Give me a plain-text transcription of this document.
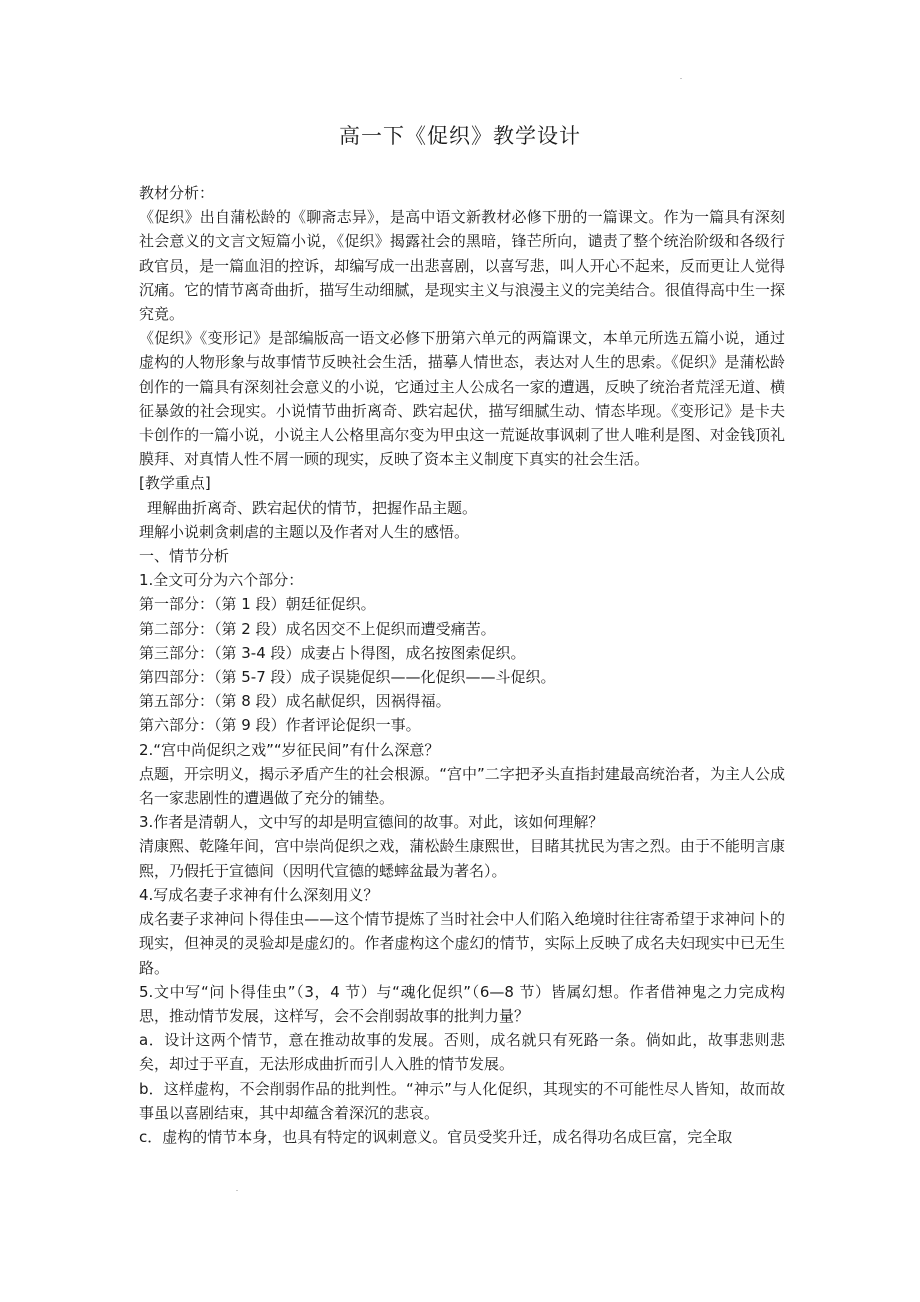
高一下《促织》教学设计

教材分析：

《促织》出自蒲松龄的《聊斋志异》，是高中语文新教材必修下册的一篇课文。作为一篇具有深刻社会意义的文言文短篇小说，《促织》揭露社会的黑暗，锋芒所向，谴责了整个统治阶级和各级行政官员，是一篇血泪的控诉，却编写成一出悲喜剧，以喜写悲，叫人开心不起来，反而更让人觉得沉痛。它的情节离奇曲折，描写生动细腻，是现实主义与浪漫主义的完美结合。很值得高中生一探究竟。

《促织》《变形记》是部编版高一语文必修下册第六单元的两篇课文，本单元所选五篇小说，通过虚构的人物形象与故事情节反映社会生活，描摹人情世态，表达对人生的思索。《促织》是蒲松龄创作的一篇具有深刻社会意义的小说，它通过主人公成名一家的遭遇，反映了统治者荒淫无道、横征暴敛的社会现实。小说情节曲折离奇、跌宕起伏，描写细腻生动、情态毕现。《变形记》是卡夫卡创作的一篇小说，小说主人公格里高尔变为甲虫这一荒诞故事讽刺了世人唯利是图、对金钱顶礼膜拜、对真情人性不屑一顾的现实，反映了资本主义制度下真实的社会生活。

[教学重点]

理解曲折离奇、跌宕起伏的情节，把握作品主题。

理解小说刺贪刺虐的主题以及作者对人生的感悟。

一、情节分析

1.全文可分为六个部分：

第一部分：（第 1 段）朝廷征促织。

第二部分：（第 2 段）成名因交不上促织而遭受痛苦。

第三部分：（第 3-4 段）成妻占卜得图，成名按图索促织。

第四部分：（第 5-7 段）成子误毙促织——化促织——斗促织。

第五部分：（第 8 段）成名献促织，因祸得福。

第六部分：（第 9 段）作者评论促织一事。

2.“宫中尚促织之戏”“岁征民间”有什么深意？

点题，开宗明义，揭示矛盾产生的社会根源。“宫中”二字把矛头直指封建最高统治者，为主人公成名一家悲剧性的遭遇做了充分的铺垫。

3.作者是清朝人，文中写的却是明宣德间的故事。对此，该如何理解？

清康熙、乾隆年间，宫中崇尚促织之戏，蒲松龄生康熙世，目睹其扰民为害之烈。由于不能明言康熙，乃假托于宣德间（因明代宣德的蟋蟀盆最为著名）。

4.写成名妻子求神有什么深刻用义？

成名妻子求神问卜得佳虫——这个情节提炼了当时社会中人们陷入绝境时往往寄希望于求神问卜的现实，但神灵的灵验却是虚幻的。作者虚构这个虚幻的情节，实际上反映了成名夫妇现实中已无生路。

5.文中写“问卜得佳虫”（3，4 节）与“魂化促织”（6—8 节）皆属幻想。作者借神鬼之力完成构思，推动情节发展，这样写，会不会削弱故事的批判力量？

a．设计这两个情节，意在推动故事的发展。否则，成名就只有死路一条。倘如此，故事悲则悲矣，却过于平直，无法形成曲折而引人入胜的情节发展。

b．这样虚构，不会削弱作品的批判性。“神示”与人化促织，其现实的不可能性尽人皆知，故而故事虽以喜剧结束，其中却蕴含着深沉的悲哀。

c．虚构的情节本身，也具有特定的讽刺意义。官员受奖升迁，成名得功名成巨富，完全取
